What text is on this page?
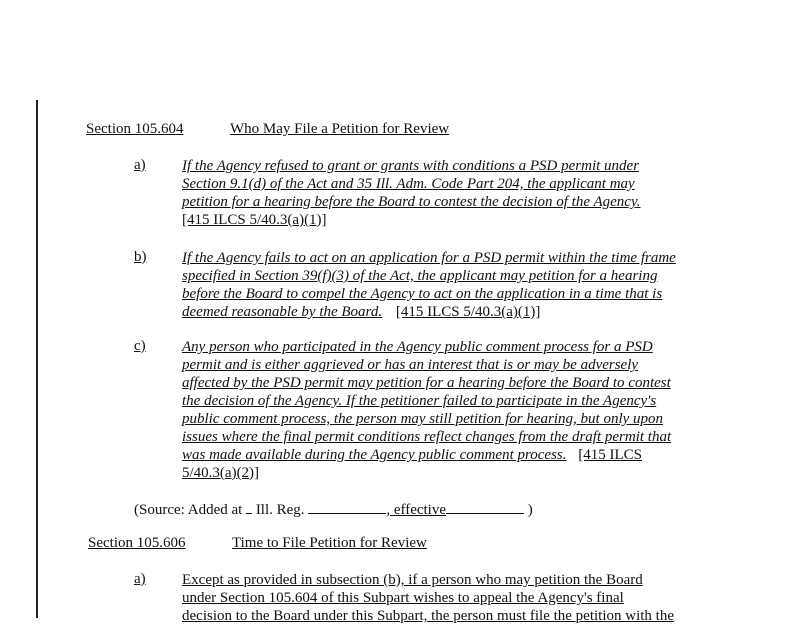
Section 105.604	Who May File a Petition for Review
a) If the Agency refused to grant or grants with conditions a PSD permit under
Section 9.1(d) of the Act and 35 Ill. Adm. Code Part 204, the applicant may
petition for a hearing before the Board to contest the decision of the Agency.
[415 ILCS 5/40.3(a)(1)]
b) If the Agency fails to act on an application for a PSD permit within the time frame
specified in Section 39(f)(3) of the Act, the applicant may petition for a hearing
before the Board to compel the Agency to act on the application in a time that is
deemed reasonable by the Board. [415 ILCS 5/40.3(a)(1)]
c) Any person who participated in the Agency public comment process for a PSD
permit and is either aggrieved or has an interest that is or may be adversely
affected by the PSD permit may petition for a hearing before the Board to contest
the decision of the Agency. If the petitioner failed to participate in the Agency's
public comment process, the person may still petition for hearing, but only upon
issues where the final permit conditions reflect changes from the draft permit that
was made available during the Agency public comment process. [415 ILCS
5/40.3(a)(2)]
(Source: Added at Ill. Reg.	, effective	)
Section 105.606	Time to File Petition for Review
a) Except as provided in subsection (b), if a person who may petition the Board
under Section 105.604 of this Subpart wishes to appeal the Agency's final
decision to the Board under this Subpart, the person must file the petition with the
